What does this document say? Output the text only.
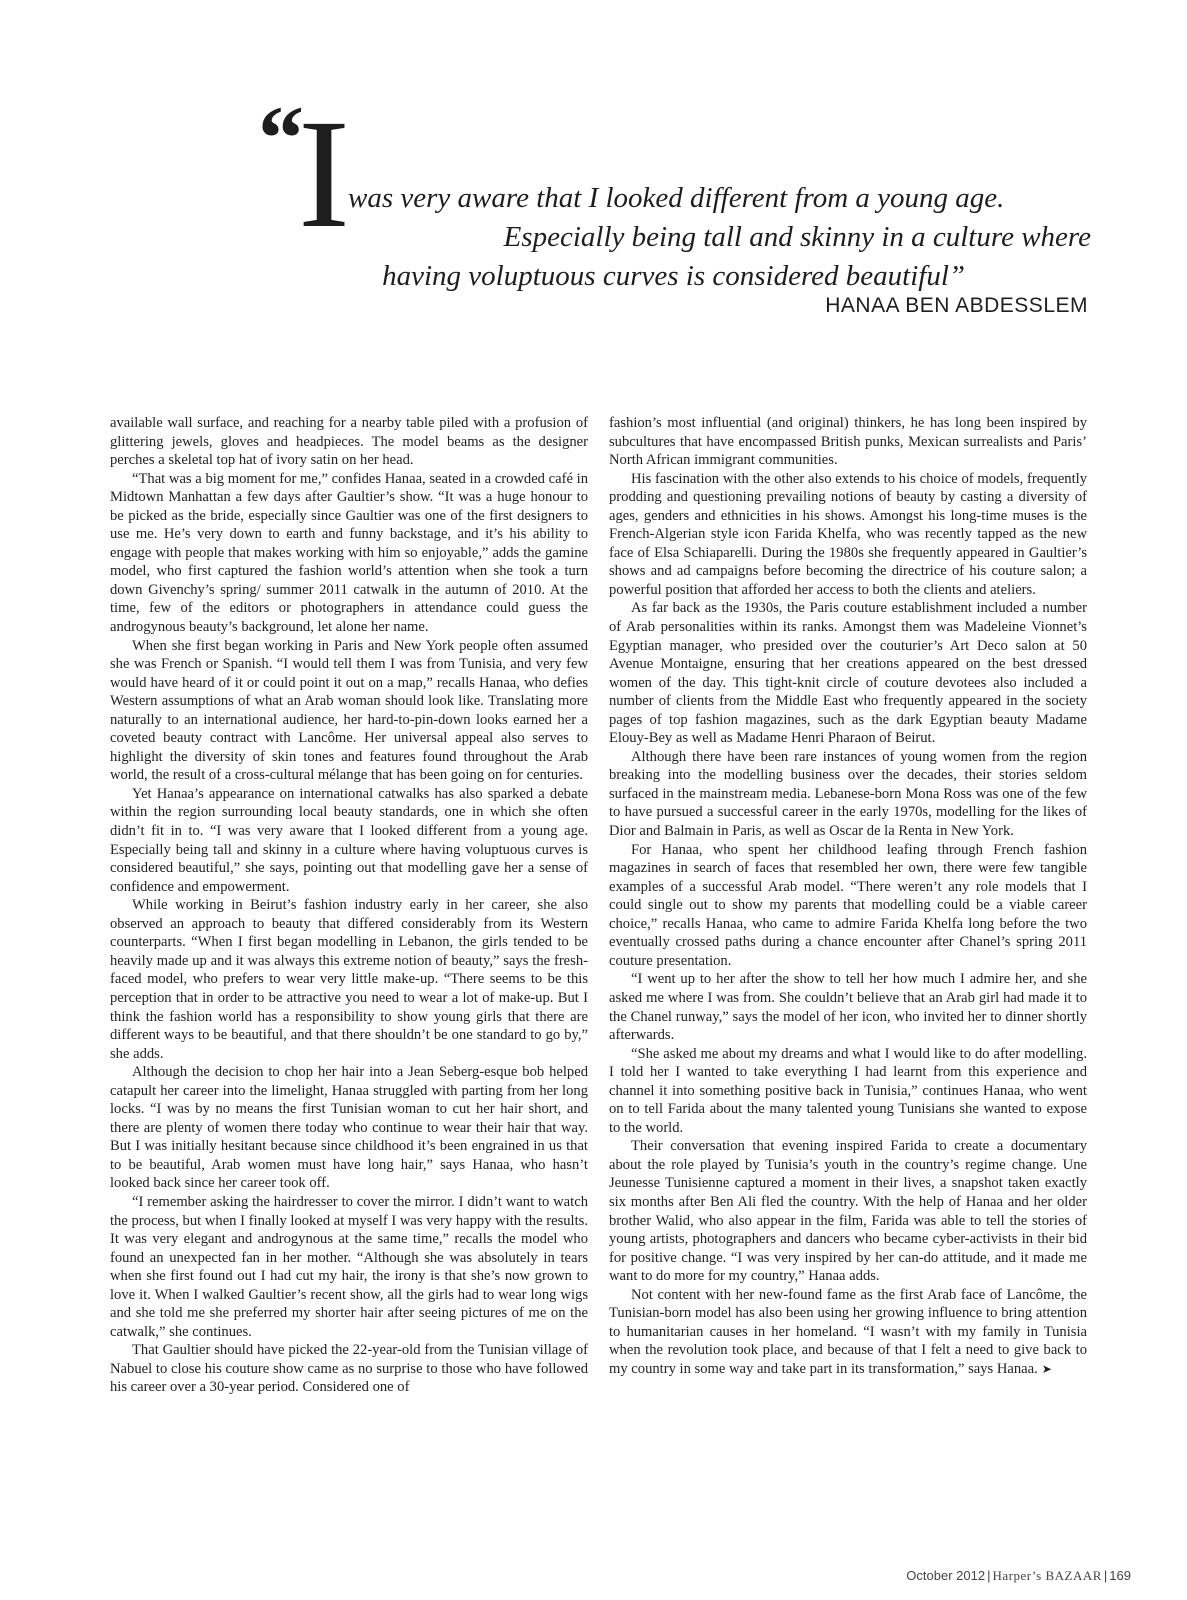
“
I
was very aware that I looked different from a young age.
Especially being tall and skinny in a culture where
having voluptuous curves is considered beautiful”
HANAA BEN ABDESSLEM

available wall surface, and reaching for a nearby table piled with a profusion of glittering jewels, gloves and headpieces. The model beams as the designer perches a skeletal top hat of ivory satin on her head.

“That was a big moment for me,” confides Hanaa, seated in a crowded café in Midtown Manhattan a few days after Gaultier’s show. “It was a huge honour to be picked as the bride, especially since Gaultier was one of the first designers to use me. He’s very down to earth and funny backstage, and it’s his ability to engage with people that makes working with him so enjoyable,” adds the gamine model, who first captured the fashion world’s attention when she took a turn down Givenchy’s spring/ summer 2011 catwalk in the autumn of 2010. At the time, few of the editors or photographers in attendance could guess the androgynous beauty’s background, let alone her name.

When she first began working in Paris and New York people often assumed she was French or Spanish. “I would tell them I was from Tunisia, and very few would have heard of it or could point it out on a map,” recalls Hanaa, who defies Western assumptions of what an Arab woman should look like. Translating more naturally to an international audience, her hard-to-pin-down looks earned her a coveted beauty contract with Lancôme. Her universal appeal also serves to highlight the diversity of skin tones and features found throughout the Arab world, the result of a cross-cultural mélange that has been going on for centuries.

Yet Hanaa’s appearance on international catwalks has also sparked a debate within the region surrounding local beauty standards, one in which she often didn’t fit in to. “I was very aware that I looked different from a young age. Especially being tall and skinny in a culture where having voluptuous curves is considered beautiful,” she says, pointing out that modelling gave her a sense of confidence and empowerment.

While working in Beirut’s fashion industry early in her career, she also observed an approach to beauty that differed considerably from its Western counterparts. “When I first began modelling in Lebanon, the girls tended to be heavily made up and it was always this extreme notion of beauty,” says the fresh-faced model, who prefers to wear very little make-up. “There seems to be this perception that in order to be attractive you need to wear a lot of make-up. But I think the fashion world has a responsibility to show young girls that there are different ways to be beautiful, and that there shouldn’t be one standard to go by,” she adds.

Although the decision to chop her hair into a Jean Seberg-esque bob helped catapult her career into the limelight, Hanaa struggled with parting from her long locks. “I was by no means the first Tunisian woman to cut her hair short, and there are plenty of women there today who continue to wear their hair that way. But I was initially hesitant because since childhood it’s been engrained in us that to be beautiful, Arab women must have long hair,” says Hanaa, who hasn’t looked back since her career took off.

“I remember asking the hairdresser to cover the mirror. I didn’t want to watch the process, but when I finally looked at myself I was very happy with the results. It was very elegant and androgynous at the same time,” recalls the model who found an unexpected fan in her mother. “Although she was absolutely in tears when she first found out I had cut my hair, the irony is that she’s now grown to love it. When I walked Gaultier’s recent show, all the girls had to wear long wigs and she told me she preferred my shorter hair after seeing pictures of me on the catwalk,” she continues.

That Gaultier should have picked the 22-year-old from the Tunisian village of Nabuel to close his couture show came as no surprise to those who have followed his career over a 30-year period. Considered one of

fashion’s most influential (and original) thinkers, he has long been inspired by subcultures that have encompassed British punks, Mexican surrealists and Paris’ North African immigrant communities.

His fascination with the other also extends to his choice of models, frequently prodding and questioning prevailing notions of beauty by casting a diversity of ages, genders and ethnicities in his shows. Amongst his long-time muses is the French-Algerian style icon Farida Khelfa, who was recently tapped as the new face of Elsa Schiaparelli. During the 1980s she frequently appeared in Gaultier’s shows and ad campaigns before becoming the directrice of his couture salon; a powerful position that afforded her access to both the clients and ateliers.

As far back as the 1930s, the Paris couture establishment included a number of Arab personalities within its ranks. Amongst them was Madeleine Vionnet’s Egyptian manager, who presided over the couturier’s Art Deco salon at 50 Avenue Montaigne, ensuring that her creations appeared on the best dressed women of the day. This tight-knit circle of couture devotees also included a number of clients from the Middle East who frequently appeared in the society pages of top fashion magazines, such as the dark Egyptian beauty Madame Elouy-Bey as well as Madame Henri Pharaon of Beirut.

Although there have been rare instances of young women from the region breaking into the modelling business over the decades, their stories seldom surfaced in the mainstream media. Lebanese-born Mona Ross was one of the few to have pursued a successful career in the early 1970s, modelling for the likes of Dior and Balmain in Paris, as well as Oscar de la Renta in New York.

For Hanaa, who spent her childhood leafing through French fashion magazines in search of faces that resembled her own, there were few tangible examples of a successful Arab model. “There weren’t any role models that I could single out to show my parents that modelling could be a viable career choice,” recalls Hanaa, who came to admire Farida Khelfa long before the two eventually crossed paths during a chance encounter after Chanel’s spring 2011 couture presentation.

“I went up to her after the show to tell her how much I admire her, and she asked me where I was from. She couldn’t believe that an Arab girl had made it to the Chanel runway,” says the model of her icon, who invited her to dinner shortly afterwards.

“She asked me about my dreams and what I would like to do after modelling. I told her I wanted to take everything I had learnt from this experience and channel it into something positive back in Tunisia,” continues Hanaa, who went on to tell Farida about the many talented young Tunisians she wanted to expose to the world.

Their conversation that evening inspired Farida to create a documentary about the role played by Tunisia’s youth in the country’s regime change. Une Jeunesse Tunisienne captured a moment in their lives, a snapshot taken exactly six months after Ben Ali fled the country. With the help of Hanaa and her older brother Walid, who also appear in the film, Farida was able to tell the stories of young artists, photographers and dancers who became cyber-activists in their bid for positive change. “I was very inspired by her can-do attitude, and it made me want to do more for my country,” Hanaa adds.

Not content with her new-found fame as the first Arab face of Lancôme, the Tunisian-born model has also been using her growing influence to bring attention to humanitarian causes in her homeland. “I wasn’t with my family in Tunisia when the revolution took place, and because of that I felt a need to give back to my country in some way and take part in its transformation,” says Hanaa. ➤

October 2012 | Harper’s BAZAAR | 169
